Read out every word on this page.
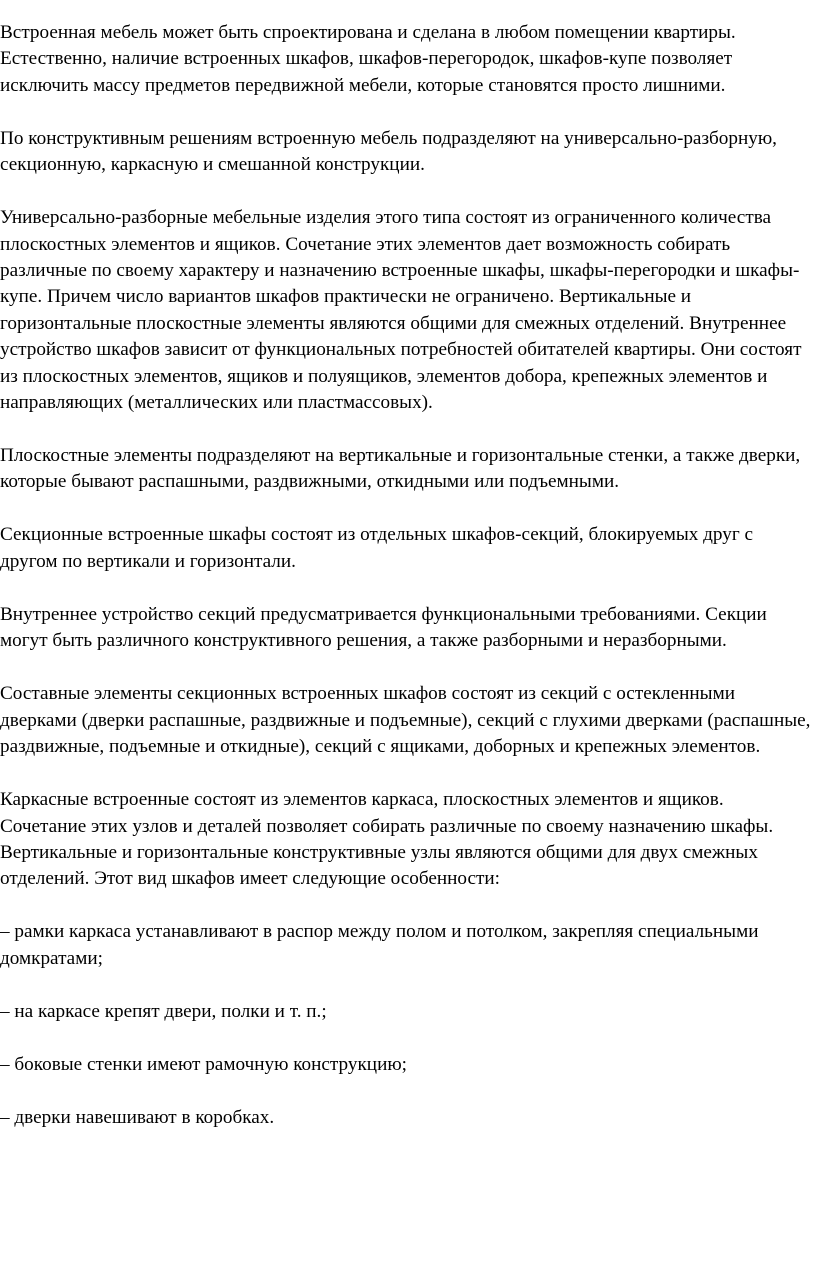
Встроенная мебель может быть спроектирована и сделана в любом помещении квартиры. Естественно, наличие встроенных шкафов, шкафов-перегородок, шкафов-купе позволяет исключить массу предметов передвижной мебели, которые становятся просто лишними.

По конструктивным решениям встроенную мебель подразделяют на универсально-разборную, секционную, каркасную и смешанной конструкции.

Универсально-разборные мебельные изделия этого типа состоят из ограниченного количества плоскостных элементов и ящиков. Сочетание этих элементов дает возможность собирать различные по своему характеру и назначению встроенные шкафы, шкафы-перегородки и шкафы-купе. Причем число вариантов шкафов практически не ограничено. Вертикальные и горизонтальные плоскостные элементы являются общими для смежных отделений. Внутреннее устройство шкафов зависит от функциональных потребностей обитателей квартиры. Они состоят из плоскостных элементов, ящиков и полуящиков, элементов добора, крепежных элементов и направляющих (металлических или пластмассовых).

Плоскостные элементы подразделяют на вертикальные и горизонтальные стенки, а также дверки, которые бывают распашными, раздвижными, откидными или подъемными.

Секционные встроенные шкафы состоят из отдельных шкафов-секций, блокируемых друг с другом по вертикали и горизонтали.

Внутреннее устройство секций предусматривается функциональными требованиями. Секции могут быть различного конструктивного решения, а также разборными и неразборными.

Составные элементы секционных встроенных шкафов состоят из секций с остекленными дверками (дверки распашные, раздвижные и подъемные), секций с глухими дверками (распашные, раздвижные, подъемные и откидные), секций с ящиками, доборных и крепежных элементов.

Каркасные встроенные состоят из элементов каркаса, плоскостных элементов и ящиков. Сочетание этих узлов и деталей позволяет собирать различные по своему назначению шкафы. Вертикальные и горизонтальные конструктивные узлы являются общими для двух смежных отделений. Этот вид шкафов имеет следующие особенности:

– рамки каркаса устанавливают в распор между полом и потолком, закрепляя специальными домкратами;

– на каркасе крепят двери, полки и т. п.;

– боковые стенки имеют рамочную конструкцию;

– дверки навешивают в коробках.
